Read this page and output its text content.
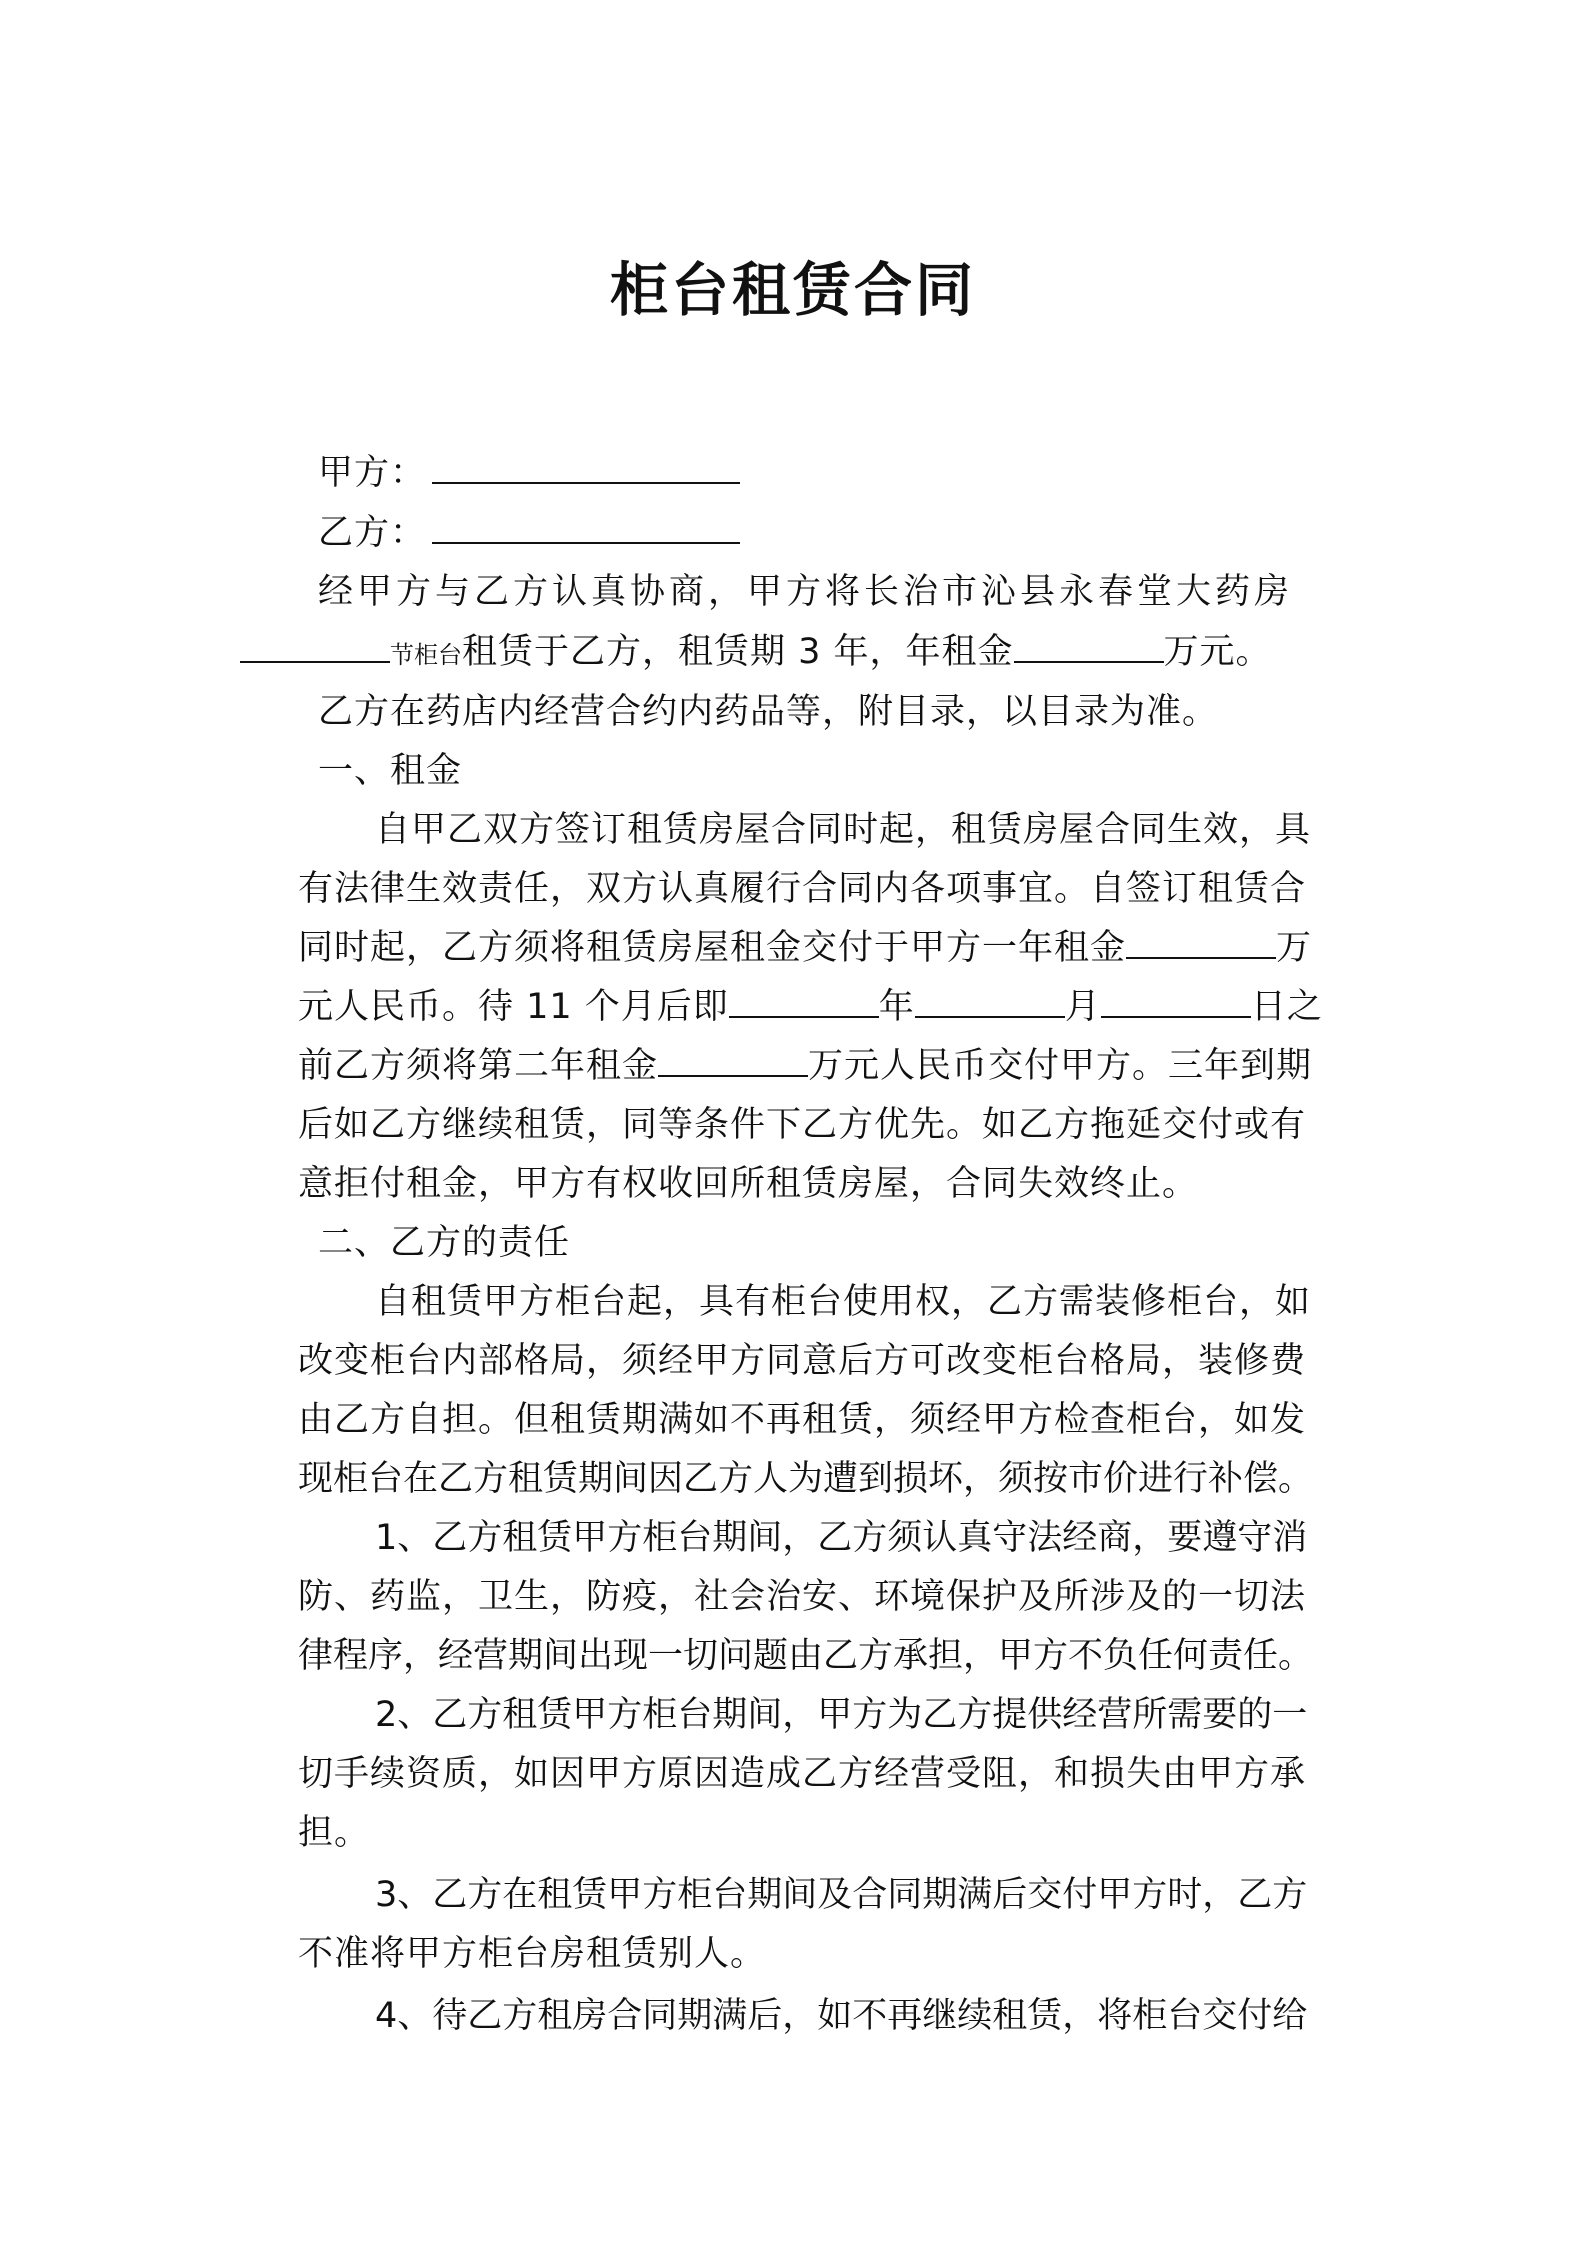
柜台租赁合同
甲方：
乙方：
经甲方与乙方认真协商，甲方将长治市沁县永春堂大药房
节柜台租赁于乙方，租赁期 3 年，年租金	万元。
乙方在药店内经营合约内药品等，附目录，以目录为准。
一、租金
自甲乙双方签订租赁房屋合同时起，租赁房屋合同生效，具
有法律生效责任，双方认真履行合同内各项事宜。自签订租赁合
同时起，乙方须将租赁房屋租金交付于甲方一年租金	万
元人民币。待 11 个月后即	年	月	日之
前乙方须将第二年租金	万元人民币交付甲方。三年到期
后如乙方继续租赁，同等条件下乙方优先。如乙方拖延交付或有
意拒付租金，甲方有权收回所租赁房屋，合同失效终止。
二、乙方的责任
自租赁甲方柜台起，具有柜台使用权，乙方需装修柜台，如
改变柜台内部格局，须经甲方同意后方可改变柜台格局，装修费
由乙方自担。但租赁期满如不再租赁，须经甲方检查柜台，如发
现柜台在乙方租赁期间因乙方人为遭到损坏，须按市价进行补偿。
1、乙方租赁甲方柜台期间，乙方须认真守法经商，要遵守消
防、药监，卫生，防疫，社会治安、环境保护及所涉及的一切法
律程序，经营期间出现一切问题由乙方承担，甲方不负任何责任。
2、乙方租赁甲方柜台期间，甲方为乙方提供经营所需要的一
切手续资质，如因甲方原因造成乙方经营受阻，和损失由甲方承
担。
3、乙方在租赁甲方柜台期间及合同期满后交付甲方时，乙方
不准将甲方柜台房租赁别人。
4、待乙方租房合同期满后，如不再继续租赁，将柜台交付给
